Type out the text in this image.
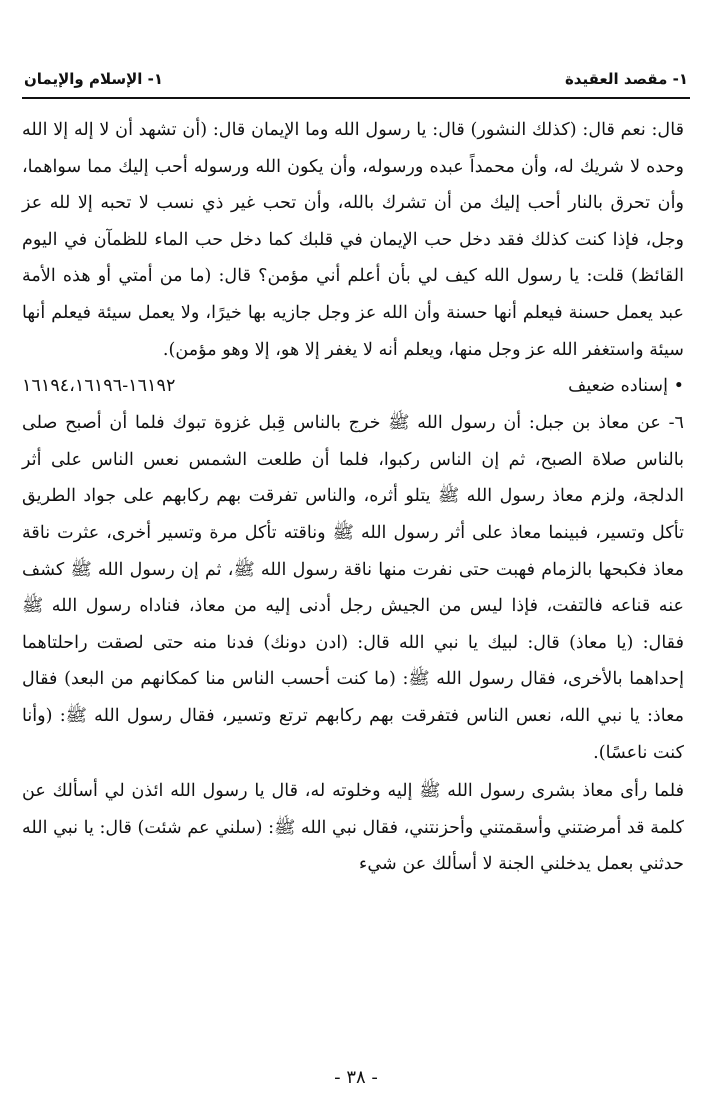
١- مقصد العقيدة
١- الإسلام والإيمان

قال: نعم قال: (كذلك النشور) قال: يا رسول الله وما الإيمان قال: (أن تشهد أن لا إله إلا الله وحده لا شريك له، وأن محمداً عبده ورسوله، وأن يكون الله ورسوله أحب إليك مما سواهما، وأن تحرق بالنار أحب إليك من أن تشرك بالله، وأن تحب غير ذي نسب لا تحبه إلا لله عز وجل، فإذا كنت كذلك فقد دخل حب الإيمان في قلبك كما دخل حب الماء للظمآن في اليوم القائظ) قلت: يا رسول الله كيف لي بأن أعلم أني مؤمن؟ قال: (ما من أمتي أو هذه الأمة عبد يعمل حسنة فيعلم أنها حسنة وأن الله عز وجل جازيه بها خيرًا، ولا يعمل سيئة فيعلم أنها سيئة واستغفر الله عز وجل منها، ويعلم أنه لا يغفر إلا هو، إلا وهو مؤمن).

• إسناده ضعيف
١٦١٩٢-١٦١٩٤،١٦١٩٦

٦- عن معاذ بن جبل: أن رسول الله ﷺ خرج بالناس قِبل غزوة تبوك فلما أن أصبح صلى بالناس صلاة الصبح، ثم إن الناس ركبوا، فلما أن طلعت الشمس نعس الناس على أثر الدلجة، ولزم معاذ رسول الله ﷺ يتلو أثره، والناس تفرقت بهم ركابهم على جواد الطريق تأكل وتسير، فبينما معاذ على أثر رسول الله ﷺ وناقته تأكل مرة وتسير أخرى، عثرت ناقة معاذ فكبحها بالزمام فهبت حتى نفرت منها ناقة رسول الله ﷺ، ثم إن رسول الله ﷺ كشف عنه قناعه فالتفت، فإذا ليس من الجيش رجل أدنى إليه من معاذ، فناداه رسول الله ﷺ فقال: (يا معاذ) قال: لبيك يا نبي الله قال: (ادن دونك) فدنا منه حتى لصقت راحلتاهما إحداهما بالأخرى، فقال رسول الله ﷺ: (ما كنت أحسب الناس منا كمكانهم من البعد) فقال معاذ: يا نبي الله، نعس الناس فتفرقت بهم ركابهم ترتع وتسير، فقال رسول الله ﷺ: (وأنا كنت ناعسًا).

فلما رأى معاذ بشرى رسول الله ﷺ إليه وخلوته له، قال يا رسول الله ائذن لي أسألك عن كلمة قد أمرضتني وأسقمتني وأحزنتني، فقال نبي الله ﷺ: (سلني عم شئت) قال: يا نبي الله حدثني بعمل يدخلني الجنة لا أسألك عن شيء

- ٣٨ -
